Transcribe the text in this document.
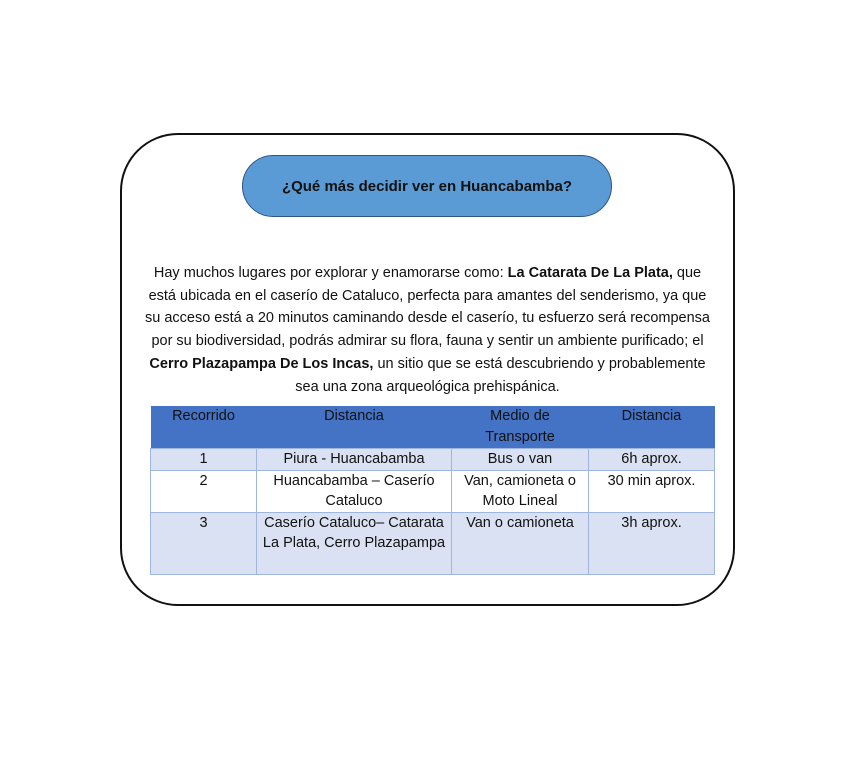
¿Qué más decidir ver en Huancabamba?
Hay muchos lugares por explorar y enamorarse como: La Catarata De La Plata, que está ubicada en el caserío de Cataluco, perfecta para amantes del senderismo, ya que su acceso está a 20 minutos caminando desde el caserío, tu esfuerzo será recompensa por su biodiversidad, podrás admirar su flora, fauna y sentir un ambiente purificado; el Cerro Plazapampa De Los Incas, un sitio que se está descubriendo y probablemente sea una zona arqueológica prehispánica.
Recorrido	Distancia	Medio de Transporte	Distancia
1	Piura - Huancabamba	Bus o van	6h aprox.
2	Huancabamba – Caserío Cataluco	Van, camioneta o Moto Lineal	30 min aprox.
3	Caserío Cataluco– Catarata La Plata, Cerro Plazapampa	Van o camioneta	3h aprox.
